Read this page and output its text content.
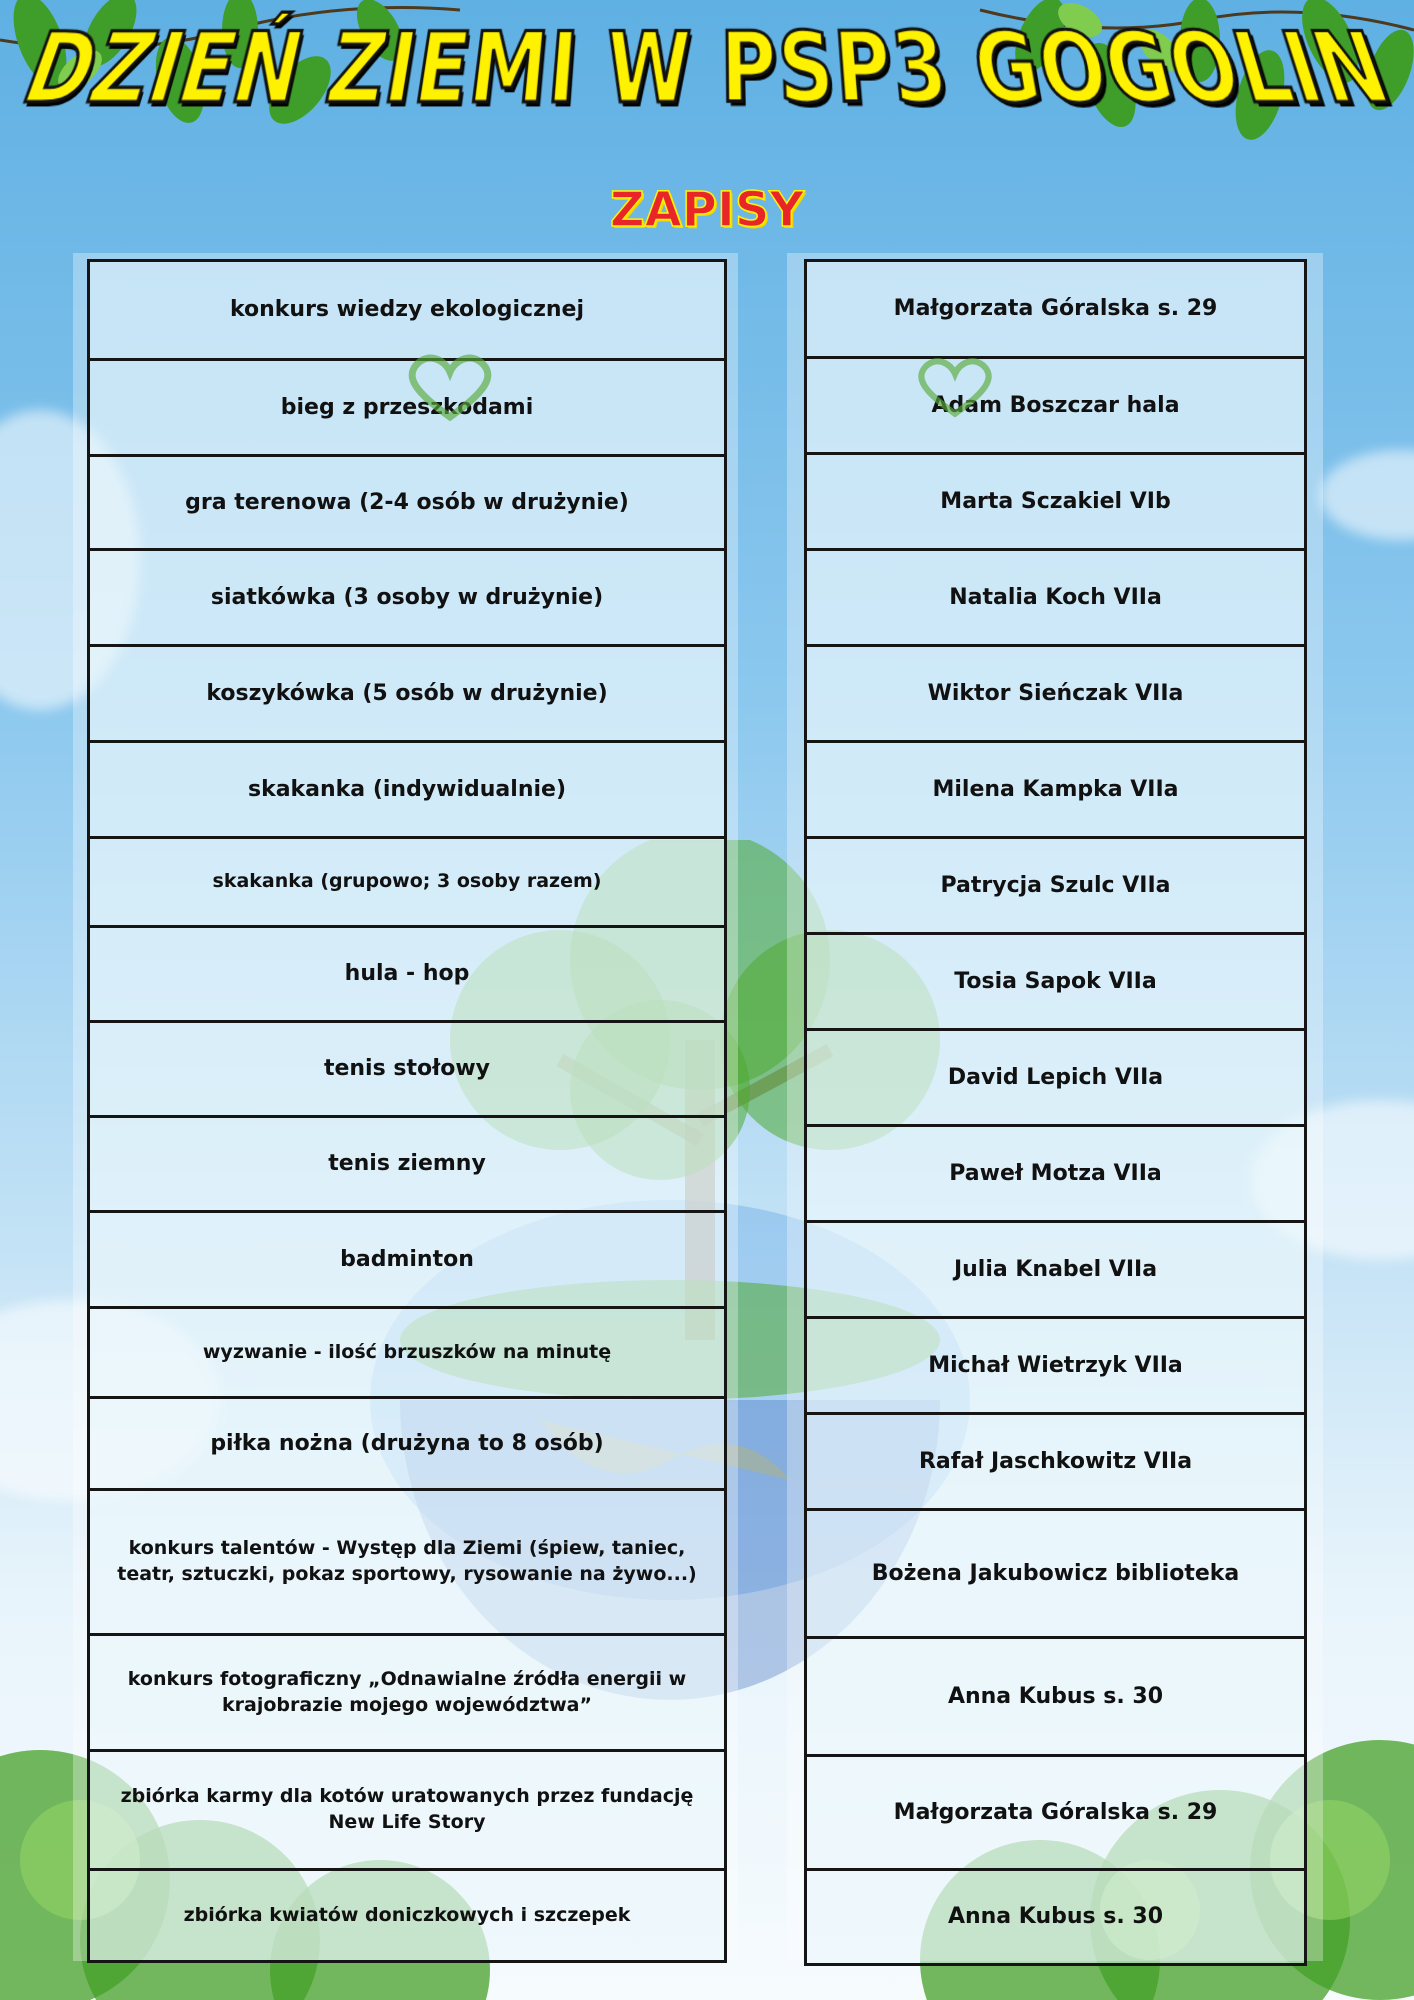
DZIEŃ ZIEMI W PSP3 GOGOLIN
ZAPISY
konkurs wiedzy ekologicznej
bieg z przeszkodami
gra terenowa (2-4 osób w drużynie)
siatkówka (3 osoby w drużynie)
koszykówka (5 osób w drużynie)
skakanka (indywidualnie)
skakanka (grupowo; 3 osoby razem)
hula - hop
tenis stołowy
tenis ziemny
badminton
wyzwanie - ilość brzuszków na minutę
piłka nożna (drużyna to 8 osób)
konkurs talentów - Występ dla Ziemi (śpiew, taniec, teatr, sztuczki, pokaz sportowy, rysowanie na żywo...)
konkurs fotograficzny „Odnawialne źródła energii w krajobrazie mojego województwa”
zbiórka karmy dla kotów uratowanych przez fundację New Life Story
zbiórka kwiatów doniczkowych i szczepek
Małgorzata Góralska s. 29
Adam Boszczar hala
Marta Sczakiel VIb
Natalia Koch VIIa
Wiktor Sieńczak VIIa
Milena Kampka VIIa
Patrycja Szulc VIIa
Tosia Sapok VIIa
David Lepich VIIa
Paweł Motza VIIa
Julia Knabel VIIa
Michał Wietrzyk VIIa
Rafał Jaschkowitz VIIa
Bożena Jakubowicz biblioteka
Anna Kubus s. 30
Małgorzata Góralska s. 29
Anna Kubus s. 30
